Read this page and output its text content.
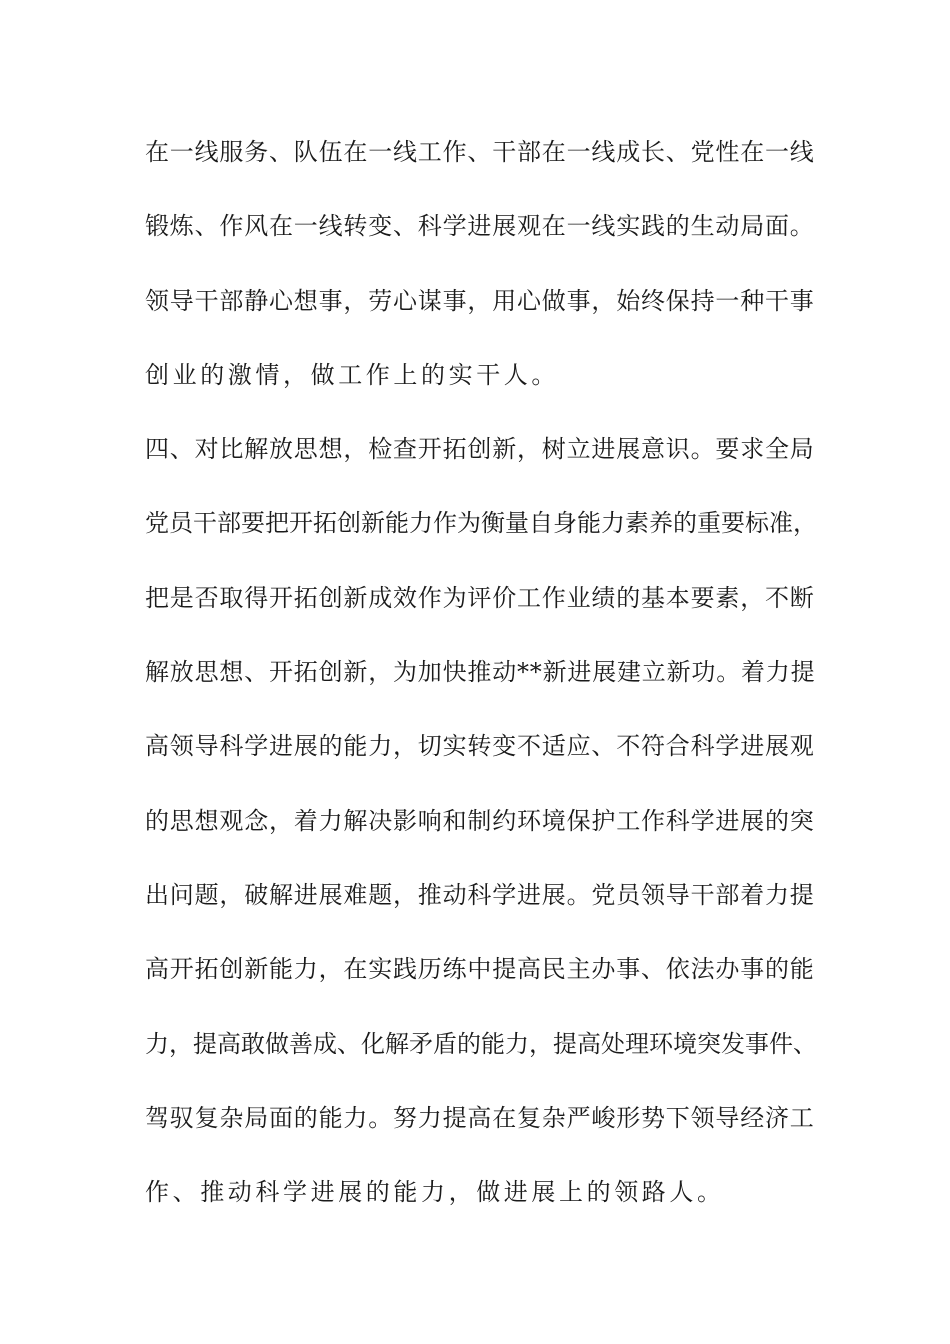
在一线服务、队伍在一线工作、干部在一线成长、党性在一线
锻炼、作风在一线转变、科学进展观在一线实践的生动局面。
领导干部静心想事，劳心谋事，用心做事，始终保持一种干事
创业的激情，做工作上的实干人。
四、对比解放思想，检查开拓创新，树立进展意识。要求全局
党员干部要把开拓创新能力作为衡量自身能力素养的重要标准，
把是否取得开拓创新成效作为评价工作业绩的基本要素，不断
解放思想、开拓创新，为加快推动**新进展建立新功。着力提
高领导科学进展的能力，切实转变不适应、不符合科学进展观
的思想观念，着力解决影响和制约环境保护工作科学进展的突
出问题，破解进展难题，推动科学进展。党员领导干部着力提
高开拓创新能力，在实践历练中提高民主办事、依法办事的能
力，提高敢做善成、化解矛盾的能力，提高处理环境突发事件、
驾驭复杂局面的能力。努力提高在复杂严峻形势下领导经济工
作、推动科学进展的能力，做进展上的领路人。
